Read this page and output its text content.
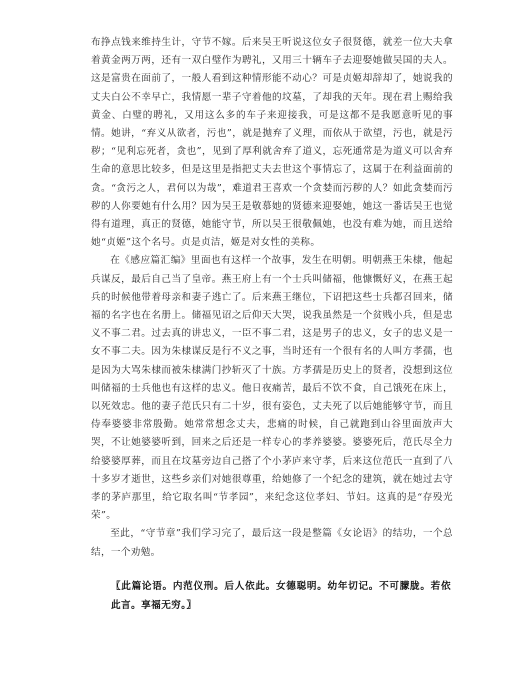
布挣点钱来维持生计，守节不嫁。后来吴王听说这位女子很贤德，就差一位大夫拿着黄金两万两，还有一双白璧作为聘礼，又用三十辆车子去迎娶她做吴国的夫人。这是富贵在面前了，一般人看到这种情形能不动心？可是贞姬却辞却了，她说我的丈夫白公不幸早亡，我情愿一辈子守着他的坟墓，了却我的天年。现在君上赐给我黄金、白璧的聘礼，又用这么多的车子来迎接我，可是这都不是我愿意听见的事情。她讲，“弃义从欲者，污也”，就是抛弃了义理，而依从于欲望，污也，就是污秽；“见利忘死者，贪也”，见到了厚利就舍弃了道义，忘死通常是为道义可以舍弃生命的意思比较多，但是这里是指把丈夫去世这个事情忘了，这属于在利益面前的贪。“贪污之人，君何以为哉”，难道君王喜欢一个贪婪而污秽的人？如此贪婪而污秽的人你要她有什么用？因为吴王是敬慕她的贤德来迎娶她，她这一番话吴王也觉得有道理，真正的贤德，她能守节，所以吴王很敬佩她，也没有难为她，而且送给她“贞姬”这个名号。贞是贞洁，姬是对女性的美称。

在《感应篇汇编》里面也有这样一个故事，发生在明朝。明朝燕王朱棣，他起兵谋反，最后自己当了皇帝。燕王府上有一个士兵叫储福，他慷慨好义，在燕王起兵的时候他带着母亲和妻子逃亡了。后来燕王继位，下诏把这些士兵都召回来，储福的名字也在名册上。储福见诏之后仰天大哭，说我虽然是一个贫贱小兵，但是忠义不事二君。过去真的讲忠义，一臣不事二君，这是男子的忠义，女子的忠义是一女不事二夫。因为朱棣谋反是行不义之事，当时还有一个很有名的人叫方孝孺，也是因为大骂朱棣而被朱棣满门抄斩灭了十族。方孝孺是历史上的贤者，没想到这位叫储福的士兵他也有这样的忠义。他日夜痛苦，最后不饮不食，自己饿死在床上，以死效忠。他的妻子范氏只有二十岁，很有姿色，丈夫死了以后她能够守节，而且侍奉婆婆非常殷勤。她常常想念丈夫，悲痛的时候，自己就跑到山谷里面放声大哭，不让她婆婆听到，回来之后还是一样专心的孝养婆婆。婆婆死后，范氏尽全力给婆婆厚葬，而且在坟墓旁边自己搭了个小茅庐来守孝，后来这位范氏一直到了八十多岁才逝世，这些乡亲们对她很尊重，给她修了一个纪念的建筑，就在她过去守孝的茅庐那里，给它取名叫“节孝园”，来纪念这位孝妇、节妇。这真的是“存殁光荣”。

至此，“守节章”我们学习完了，最后这一段是整篇《女论语》的结功，一个总结，一个劝勉。

〖此篇论语。内范仪刑。后人依此。女德聪明。幼年切记。不可朦胧。若依此言。享福无穷。〗
